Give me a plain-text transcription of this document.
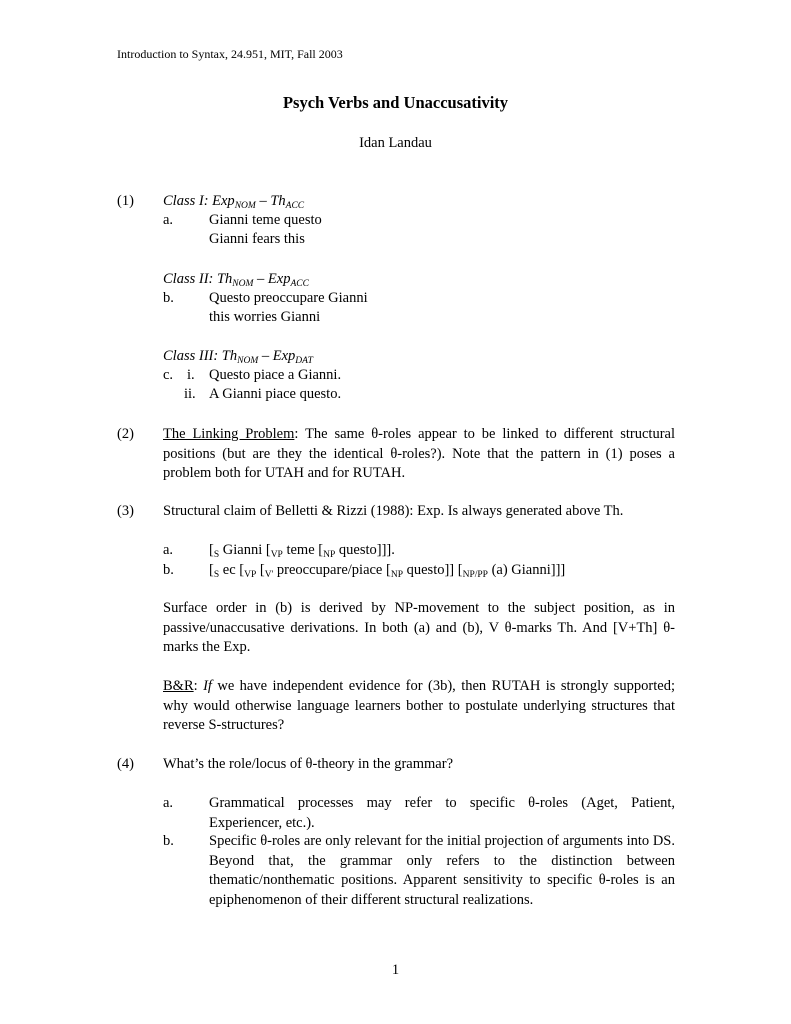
Introduction to Syntax, 24.951, MIT, Fall 2003
Psych Verbs and Unaccusativity
Idan Landau
(1) Class I: $Exp_{NOM} - Th_{ACC}$
a. Gianni teme questo
Gianni fears this
Class II: $Th_{NOM} - Exp_{ACC}$
b. Questo preoccupare Gianni
this worries Gianni
Class III: $Th_{NOM} - Exp_{DAT}$
c. i. Questo piace a Gianni.
ii. A Gianni piace questo.
(2) The Linking Problem: The same θ-roles appear to be linked to different structural positions (but are they the identical θ-roles?). Note that the pattern in (1) poses a problem both for UTAH and for RUTAH.
(3) Structural claim of Belletti & Rizzi (1988): Exp. Is always generated above Th.
a. [$_S$ Gianni [$_{VP}$ teme [$_{NP}$ questo]]].
b. [$_S$ ec [$_{VP}$ [$_{V'}$ preoccupare/piace [$_{NP}$ questo]] [$_{NP/PP}$ (a) Gianni]]]
Surface order in (b) is derived by NP-movement to the subject position, as in passive/unaccusative derivations. In both (a) and (b), V θ-marks Th. And [V+Th] θ-marks the Exp.
B&R: If we have independent evidence for (3b), then RUTAH is strongly supported; why would otherwise language learners bother to postulate underlying structures that reverse S-structures?
(4) What’s the role/locus of θ-theory in the grammar?
a. Grammatical processes may refer to specific θ-roles (Aget, Patient, Experiencer, etc.).
b. Specific θ-roles are only relevant for the initial projection of arguments into DS. Beyond that, the grammar only refers to the distinction between thematic/nonthematic positions. Apparent sensitivity to specific θ-roles is an epiphenomenon of their different structural realizations.
1
